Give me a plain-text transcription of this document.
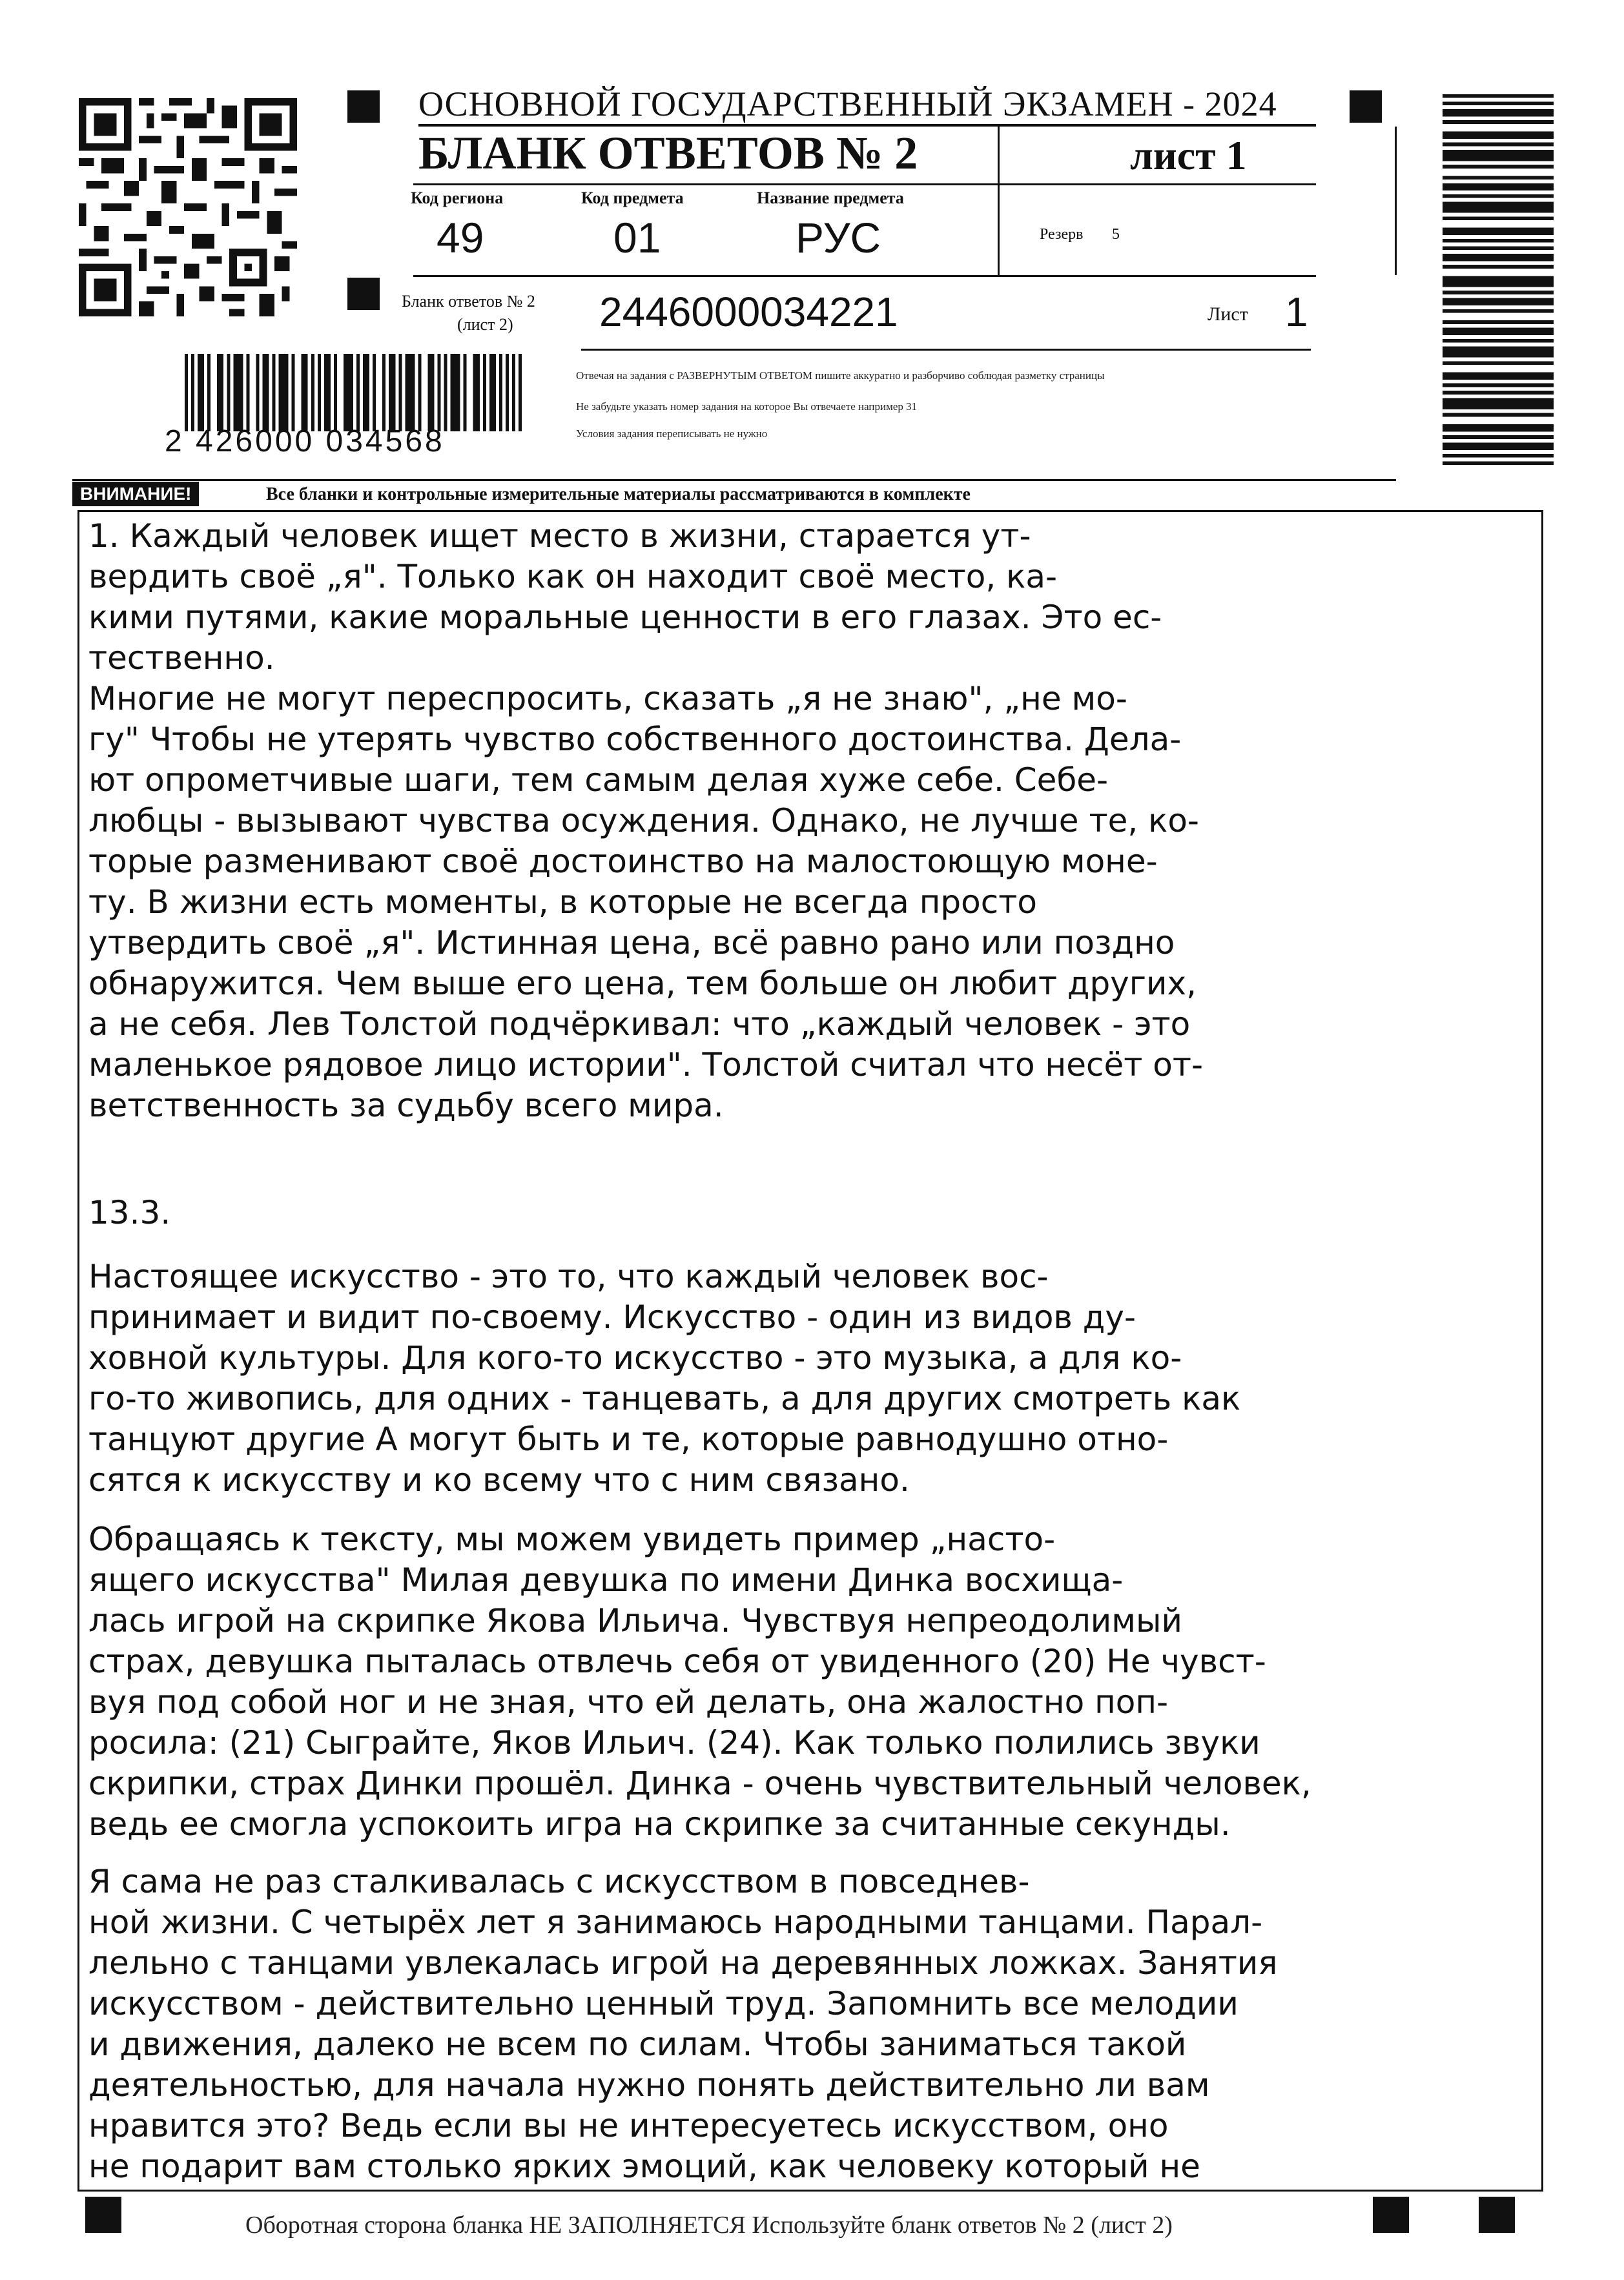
ОСНОВНОЙ ГОСУДАРСТВЕННЫЙ ЭКЗАМЕН - 2024
БЛАНК ОТВЕТОВ № 2	лист 1
Код региона
49
Код предмета
01
Название предмета
РУС	Резерв 5
Бланк ответов № 2
(лист 2) 2446000034221	Лист 1
2 426000 034568
Отвечая на задания с РАЗВЕРНУТЫМ ОТВЕТОМ пишите аккуратно и разборчиво соблюдая разметку страницы
Не забудьте указать номер задания на которое Вы отвечаете например 31
Условия задания переписывать не нужно
ВНИМАНИЕ!	Все бланки и контрольные измерительные материалы рассматриваются в комплекте
1. Каждый человек ищет место в жизни, старается ут-
вердить своё „я". Только как он находит своё место, ка-
кими путями, какие моральные ценности в его глазах. Это ес-
тественно.
Многие не могут переспросить, сказать „я не знаю", „не мо-
гу" Чтобы не утерять чувство собственного достоинства. Дела-
ют опрометчивые шаги, тем самым делая хуже себе. Себе-
любцы - вызывают чувства осуждения. Однако, не лучше те, ко-
торые разменивают своё достоинство на малостоющую моне-
ту. В жизни есть моменты, в которые не всегда просто
утвердить своё „я". Истинная цена, всё равно рано или поздно
обнаружится. Чем выше его цена, тем больше он любит других,
а не себя. Лев Толстой подчёркивал: что „каждый человек - это
маленькое рядовое лицо истории". Толстой считал что несёт от-
ветственность за судьбу всего мира.
13.3.
Настоящее искусство - это то, что каждый человек вос-
принимает и видит по-своему. Искусство - один из видов ду-
ховной культуры. Для кого-то искусство - это музыка, а для ко-
го-то живопись, для одних - танцевать, а для других смотреть как
танцуют другие А могут быть и те, которые равнодушно отно-
сятся к искусству и ко всему что с ним связано.
Обращаясь к тексту, мы можем увидеть пример „насто-
ящего искусства" Милая девушка по имени Динка восхища-
лась игрой на скрипке Якова Ильича. Чувствуя непреодолимый
страх, девушка пыталась отвлечь себя от увиденного (20) Не чувст-
вуя под собой ног и не зная, что ей делать, она жалостно поп-
росила: (21) Сыграйте, Яков Ильич. (24). Как только полились звуки
скрипки, страх Динки прошёл. Динка - очень чувствительный человек,
ведь ее смогла успокоить игра на скрипке за считанные секунды.
Я сама не раз сталкивалась с искусством в повседнев-
ной жизни. С четырёх лет я занимаюсь народными танцами. Парал-
лельно с танцами увлекалась игрой на деревянных ложках. Занятия
искусством - действительно ценный труд. Запомнить все мелодии
и движения, далеко не всем по силам. Чтобы заниматься такой
деятельностью, для начала нужно понять действительно ли вам
нравится это? Ведь если вы не интересуетесь искусством, оно
не подарит вам столько ярких эмоций, как человеку который не
Оборотная сторона бланка НЕ ЗАПОЛНЯЕТСЯ Используйте бланк ответов № 2 (лист 2)
